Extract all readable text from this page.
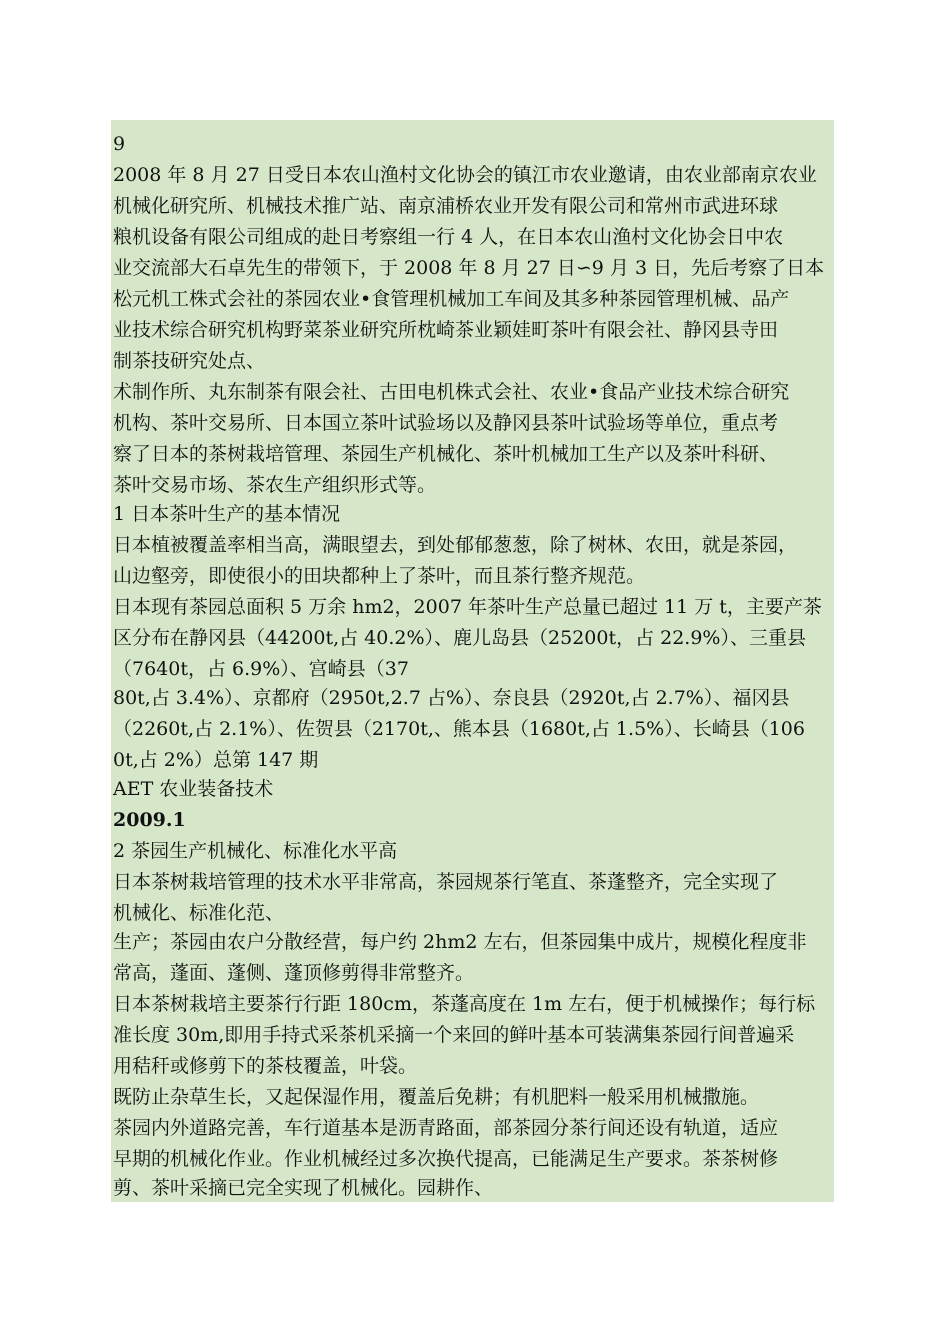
9
2008 年 8 月 27 日受日本农山渔村文化协会的镇江市农业邀请，由农业部南京农业
机械化研究所、机械技术推广站、南京浦桥农业开发有限公司和常州市武进环球
粮机设备有限公司组成的赴日考察组一行 4 人，在日本农山渔村文化协会日中农
业交流部大石卓先生的带领下，于 2008 年 8 月 27 日∽9 月 3 日，先后考察了日本
松元机工株式会社的茶园农业•食管理机械加工车间及其多种茶园管理机械、品产
业技术综合研究机构野菜茶业研究所枕崎茶业颖娃町茶叶有限会社、静冈县寺田
制茶技研究处点、
术制作所、丸东制茶有限会社、古田电机株式会社、农业•食品产业技术综合研究
机构、茶叶交易所、日本国立茶叶试验场以及静冈县茶叶试验场等单位，重点考
察了日本的茶树栽培管理、茶园生产机械化、茶叶机械加工生产以及茶叶科研、
茶叶交易市场、茶农生产组织形式等。
1 日本茶叶生产的基本情况
日本植被覆盖率相当高，满眼望去，到处郁郁葱葱，除了树林、农田，就是茶园，
山边壑旁，即使很小的田块都种上了茶叶，而且茶行整齐规范。
日本现有茶园总面积 5 万余 hm2，2007 年茶叶生产总量已超过 11 万 t，主要产茶
区分布在静冈县（44200t,占 40.2%）、鹿儿岛县（25200t，占 22.9%）、三重县
（7640t，占 6.9%）、宫崎县（37
80t,占 3.4%）、京都府（2950t,2.7 占%）、奈良县（2920t,占 2.7%）、福冈县
（2260t,占 2.1%）、佐贺县（2170t,、熊本县（1680t,占 1.5%）、长崎县（106
0t,占 2%）总第 147 期
AET 农业装备技术
2009.1
2 茶园生产机械化、标准化水平高
日本茶树栽培管理的技术水平非常高，茶园规茶行笔直、茶蓬整齐，完全实现了
机械化、标准化范、
生产；茶园由农户分散经营，每户约 2hm2 左右，但茶园集中成片，规模化程度非
常高，蓬面、蓬侧、蓬顶修剪得非常整齐。
日本茶树栽培主要茶行行距 180cm，茶蓬高度在 1m 左右，便于机械操作；每行标
准长度 30m,即用手持式采茶机采摘一个来回的鲜叶基本可装满集茶园行间普遍采
用秸秆或修剪下的茶枝覆盖，叶袋。
既防止杂草生长，又起保湿作用，覆盖后免耕；有机肥料一般采用机械撒施。
茶园内外道路完善，车行道基本是沥青路面，部茶园分茶行间还设有轨道，适应
早期的机械化作业。作业机械经过多次换代提高，已能满足生产要求。茶茶树修
剪、茶叶采摘已完全实现了机械化。园耕作、
